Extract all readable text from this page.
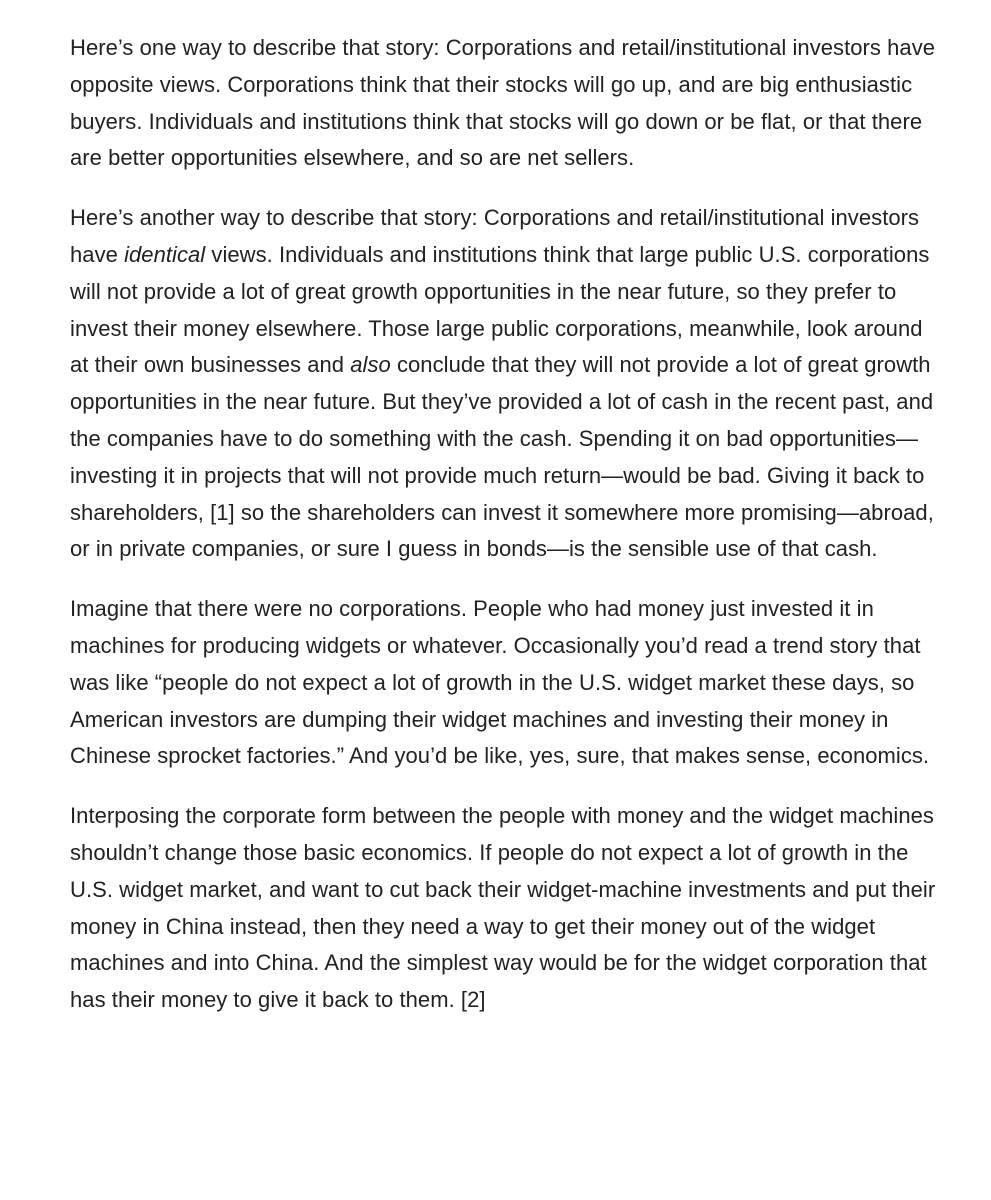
Here’s one way to describe that story: Corporations and retail/institutional investors have opposite views. Corporations think that their stocks will go up, and are big enthusiastic buyers. Individuals and institutions think that stocks will go down or be flat, or that there are better opportunities elsewhere, and so are net sellers.

Here’s another way to describe that story: Corporations and retail/institutional investors have identical views. Individuals and institutions think that large public U.S. corporations will not provide a lot of great growth opportunities in the near future, so they prefer to invest their money elsewhere. Those large public corporations, meanwhile, look around at their own businesses and also conclude that they will not provide a lot of great growth opportunities in the near future. But they’ve provided a lot of cash in the recent past, and the companies have to do something with the cash. Spending it on bad opportunities—investing it in projects that will not provide much return—would be bad. Giving it back to shareholders, [1] so the shareholders can invest it somewhere more promising—abroad, or in private companies, or sure I guess in bonds—is the sensible use of that cash.

Imagine that there were no corporations. People who had money just invested it in machines for producing widgets or whatever. Occasionally you’d read a trend story that was like “people do not expect a lot of growth in the U.S. widget market these days, so American investors are dumping their widget machines and investing their money in Chinese sprocket factories.” And you’d be like, yes, sure, that makes sense, economics.

Interposing the corporate form between the people with money and the widget machines shouldn’t change those basic economics. If people do not expect a lot of growth in the U.S. widget market, and want to cut back their widget-machine investments and put their money in China instead, then they need a way to get their money out of the widget machines and into China. And the simplest way would be for the widget corporation that has their money to give it back to them. [2]
